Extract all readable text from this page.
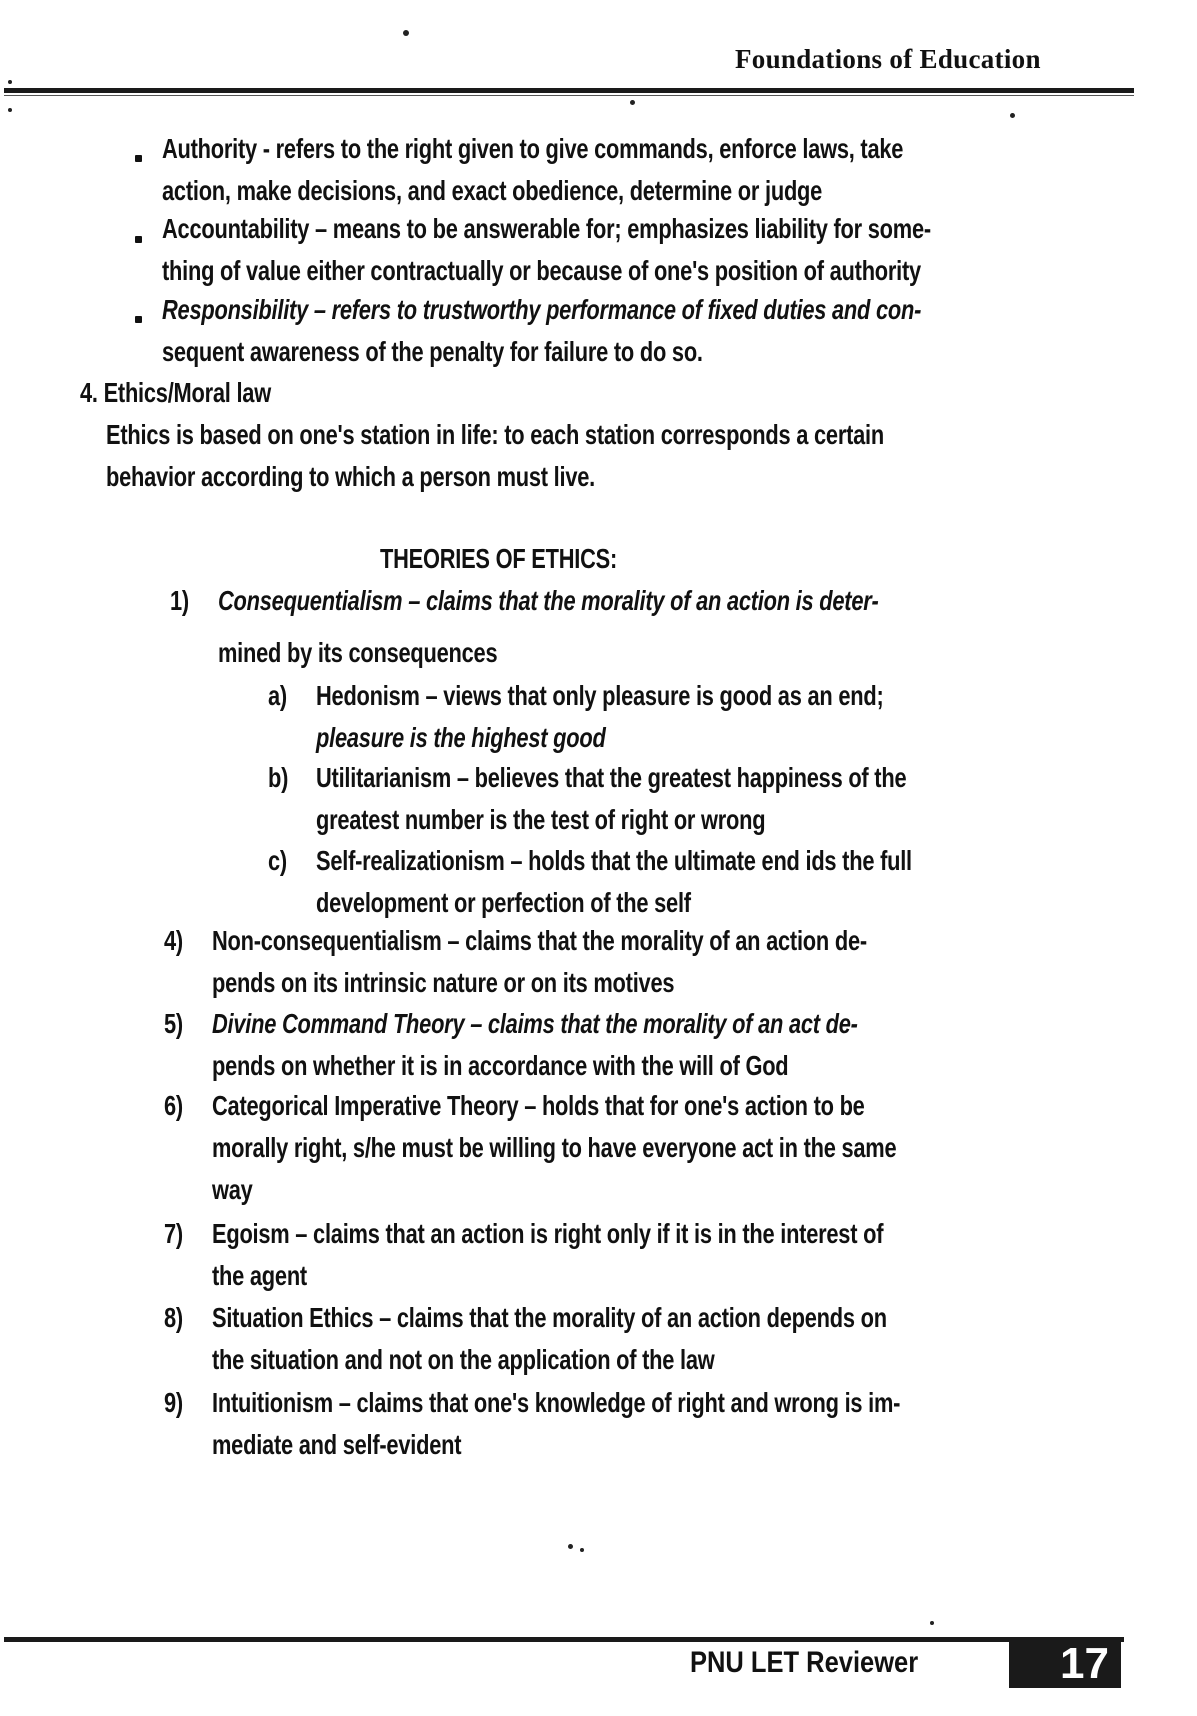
Foundations of Education
Authority - refers to the right given to give commands, enforce laws, take
action, make decisions, and exact obedience, determine or judge
Accountability – means to be answerable for; emphasizes liability for some-
thing of value either contractually or because of one's position of authority
Responsibility – refers to trustworthy performance of fixed duties and con-
sequent awareness of the penalty for failure to do so.
4. Ethics/Moral law
Ethics is based on one's station in life: to each station corresponds a certain
behavior according to which a person must live.
THEORIES OF ETHICS:
1) Consequentialism – claims that the morality of an action is deter-
mined by its consequences
a) Hedonism – views that only pleasure is good as an end;
pleasure is the highest good
b) Utilitarianism – believes that the greatest happiness of the
greatest number is the test of right or wrong
c) Self-realizationism – holds that the ultimate end ids the full
development or perfection of the self
4) Non-consequentialism – claims that the morality of an action de-
pends on its intrinsic nature or on its motives
5) Divine Command Theory – claims that the morality of an act de-
pends on whether it is in accordance with the will of God
6) Categorical Imperative Theory – holds that for one's action to be
morally right, s/he must be willing to have everyone act in the same
way
7) Egoism – claims that an action is right only if it is in the interest of
the agent
8) Situation Ethics – claims that the morality of an action depends on
the situation and not on the application of the law
9) Intuitionism – claims that one's knowledge of right and wrong is im-
mediate and self-evident
PNU LET Reviewer	17
